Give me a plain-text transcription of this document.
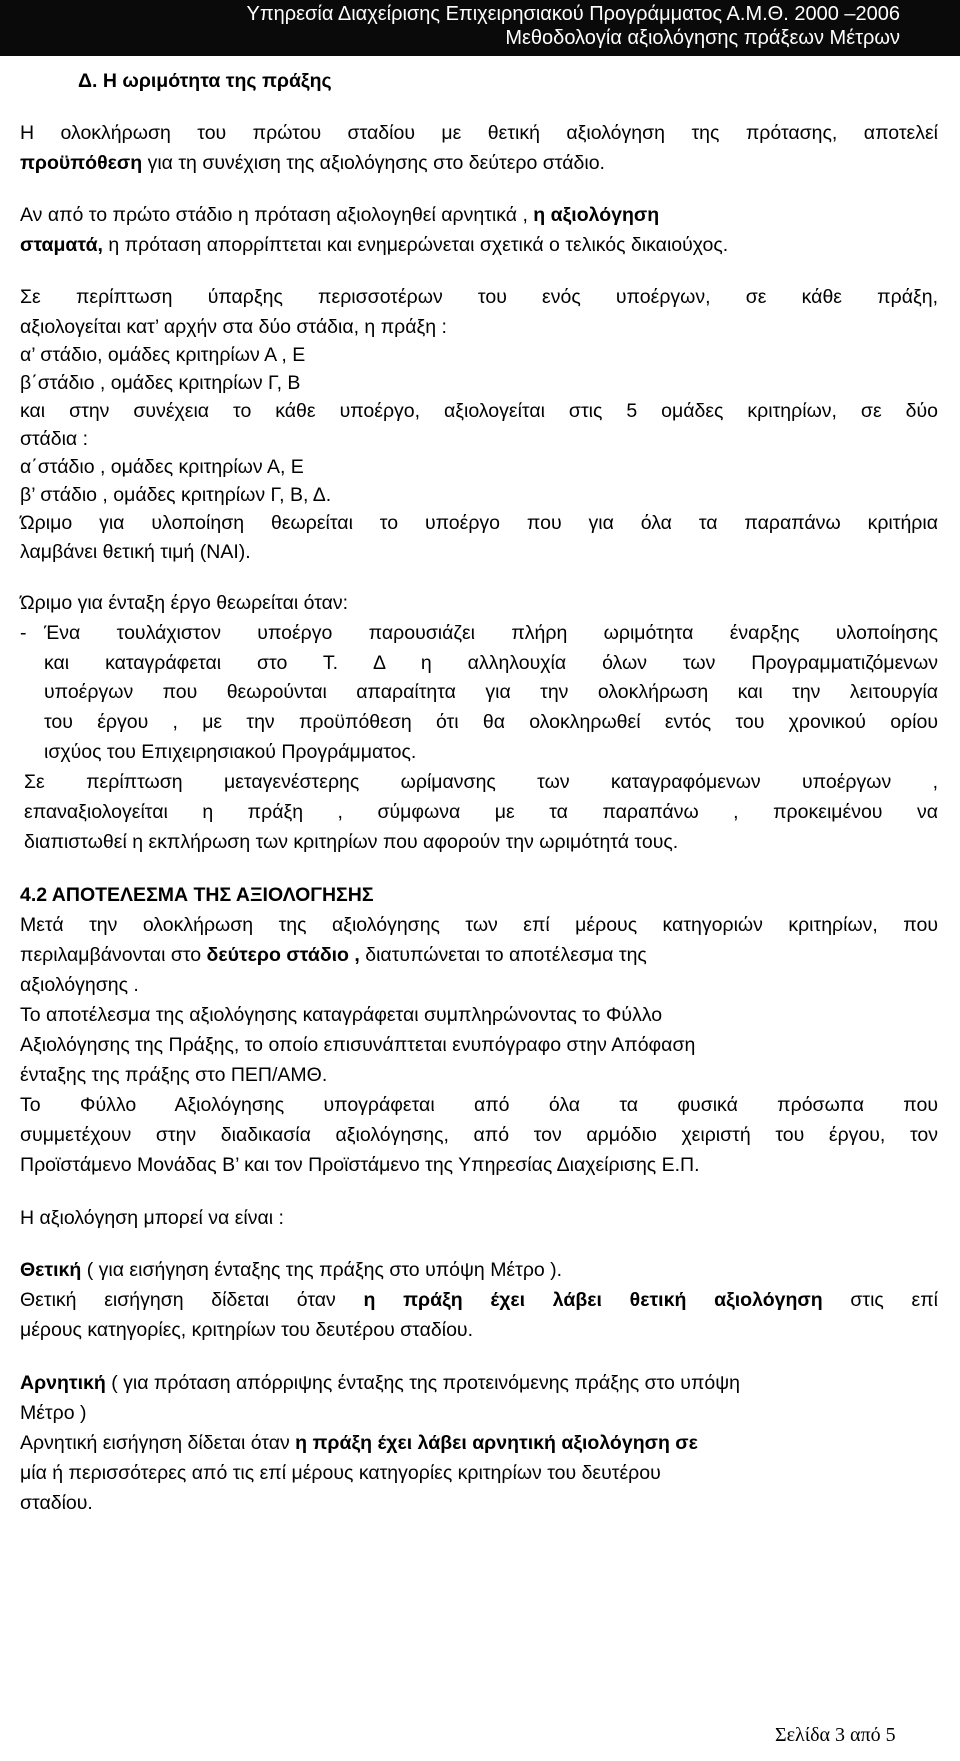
Υπηρεσία Διαχείρισης Επιχειρησιακού Προγράμματος Α.Μ.Θ. 2000 –2006
Μεθοδολογία αξιολόγησης πράξεων Μέτρων
Δ. Η ωριμότητα της πράξης
Η ολοκλήρωση του πρώτου σταδίου με θετική αξιολόγηση της πρότασης, αποτελεί
προϋπόθεση για τη συνέχιση της αξιολόγησης στο δεύτερο στάδιο.
Αν από το πρώτο στάδιο η πρόταση αξιολογηθεί αρνητικά , η αξιολόγηση
σταματά, η πρόταση απορρίπτεται και ενημερώνεται σχετικά ο τελικός δικαιούχος.
Σε περίπτωση ύπαρξης περισσοτέρων του ενός υποέργων, σε κάθε πράξη,
αξιολογείται κατ’ αρχήν στα δύο στάδια, η πράξη :
α’ στάδιο, ομάδες κριτηρίων Α , Ε
β΄στάδιο , ομάδες κριτηρίων Γ, Β
και στην συνέχεια το κάθε υποέργο, αξιολογείται στις 5 ομάδες κριτηρίων, σε δύο
στάδια :
α΄στάδιο , ομάδες κριτηρίων Α, Ε
β’ στάδιο , ομάδες κριτηρίων Γ, Β, Δ.
Ώριμο για υλοποίηση θεωρείται το υποέργο που για όλα τα παραπάνω κριτήρια
λαμβάνει θετική τιμή (ΝΑΙ).
Ώριμο για ένταξη έργο θεωρείται όταν:
- Ένα τουλάχιστον υποέργο παρουσιάζει πλήρη ωριμότητα έναρξης υλοποίησης
και καταγράφεται στο Τ. Δ η αλληλουχία όλων των Προγραμματιζόμενων
υποέργων που θεωρούνται απαραίτητα για την ολοκλήρωση και την λειτουργία
του έργου , με την προϋπόθεση ότι θα ολοκληρωθεί εντός του χρονικού ορίου
ισχύος του Επιχειρησιακού Προγράμματος.
Σε περίπτωση μεταγενέστερης ωρίμανσης των καταγραφόμενων υποέργων ,
επαναξιολογείται η πράξη , σύμφωνα με τα παραπάνω , προκειμένου να
διαπιστωθεί η εκπλήρωση των κριτηρίων που αφορούν την ωριμότητά τους.
4.2 ΑΠΟΤΕΛΕΣΜΑ ΤΗΣ ΑΞΙΟΛΟΓΗΣΗΣ
Μετά την ολοκλήρωση της αξιολόγησης των επί μέρους κατηγοριών κριτηρίων, που
περιλαμβάνονται στο δεύτερο στάδιο , διατυπώνεται το αποτέλεσμα της
αξιολόγησης .
Το αποτέλεσμα της αξιολόγησης καταγράφεται συμπληρώνοντας το Φύλλο
Αξιολόγησης της Πράξης, το οποίο επισυνάπτεται ενυπόγραφο στην Απόφαση
ένταξης της πράξης στο ΠΕΠ/ΑΜΘ.
Το Φύλλο Αξιολόγησης υπογράφεται από όλα τα φυσικά πρόσωπα που
συμμετέχουν στην διαδικασία αξιολόγησης, από τον αρμόδιο χειριστή του έργου, τον
Προϊστάμενο Μονάδας Β’ και τον Προϊστάμενο της Υπηρεσίας Διαχείρισης Ε.Π.
Η αξιολόγηση μπορεί να είναι :
Θετική ( για εισήγηση ένταξης της πράξης στο υπόψη Μέτρο ).
Θετική εισήγηση δίδεται όταν η πράξη έχει λάβει θετική αξιολόγηση στις επί
μέρους κατηγορίες, κριτηρίων του δευτέρου σταδίου.
Αρνητική ( για πρόταση απόρριψης ένταξης της προτεινόμενης πράξης στο υπόψη
Μέτρο )
Αρνητική εισήγηση δίδεται όταν η πράξη έχει λάβει αρνητική αξιολόγηση σε
μία ή περισσότερες από τις επί μέρους κατηγορίες κριτηρίων του δευτέρου
σταδίου.
Σελίδα 3 από 5
